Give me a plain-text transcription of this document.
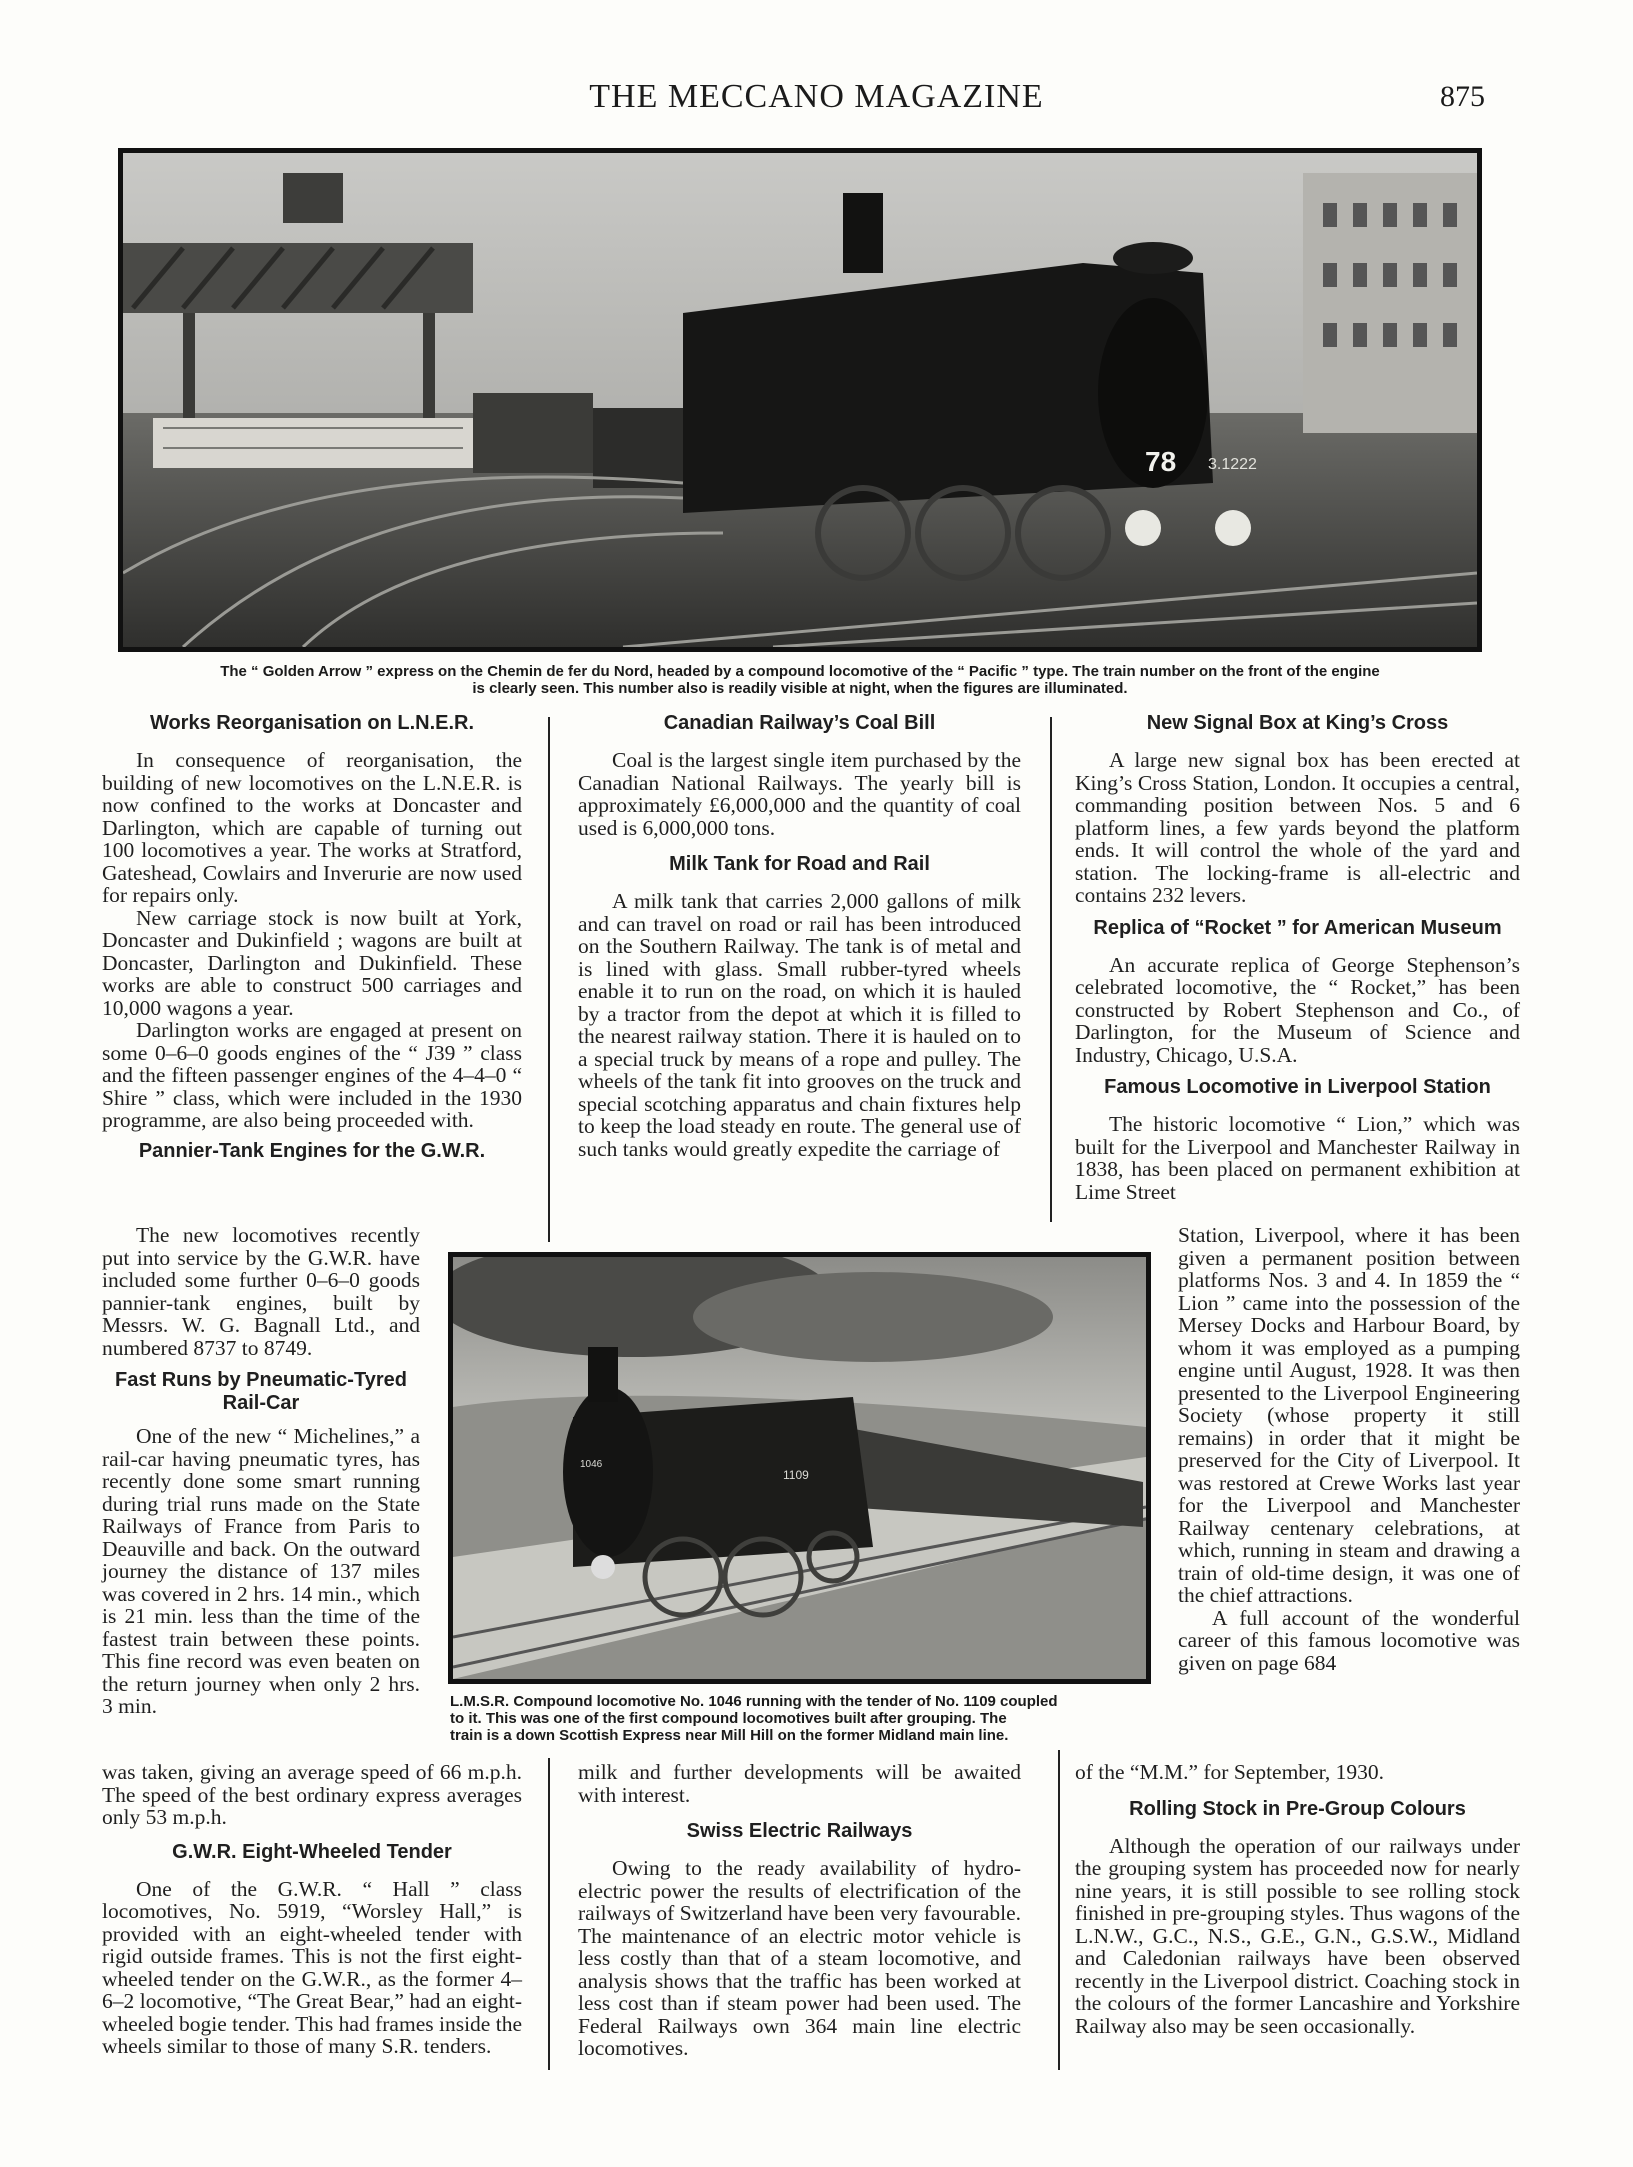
THE MECCANO MAGAZINE	875
78 3.1222
The “ Golden Arrow ” express on the Chemin de fer du Nord, headed by a compound locomotive of the “ Pacific ” type. The train number on the front of the engine
is clearly seen. This number also is readily visible at night, when the figures are illuminated.
Works Reorganisation on L.N.E.R.

In consequence of reorganisation, the building of new locomotives on the L.N.E.R. is now confined to the works at Doncaster and Darlington, which are capable of turning out 100 locomotives a year. The works at Stratford, Gateshead, Cowlairs and Inverurie are now used for repairs only.

New carriage stock is now built at York, Doncaster and Dukinfield ; wagons are built at Doncaster, Darlington and Dukinfield. These works are able to construct 500 carriages and 10,000 wagons a year.

Darlington works are engaged at present on some 0–6–0 goods engines of the “ J39 ” class and the fifteen passenger engines of the 4–4–0 “ Shire ” class, which were included in the 1930 programme, are also being proceeded with.

Pannier-Tank Engines for the G.W.R.

The new locomotives recently put into service by the G.W.R. have included some further 0–6–0 goods pannier-tank engines, built by Messrs. W. G. Bagnall Ltd., and numbered 8737 to 8749.

Fast Runs by Pneumatic-Tyred Rail-Car

One of the new “ Michelines,” a rail-car having pneumatic tyres, has recently done some smart running during trial runs made on the State Railways of France from Paris to Deauville and back. On the outward journey the distance of 137 miles was covered in 2 hrs. 14 min., which is 21 min. less than the time of the fastest train between these points. This fine record was even beaten on the return journey when only 2 hrs. 3 min.

was taken, giving an average speed of 66 m.p.h. The speed of the best ordinary express averages only 53 m.p.h.

G.W.R. Eight-Wheeled Tender

One of the G.W.R. “ Hall ” class locomotives, No. 5919, “Worsley Hall,” is provided with an eight-wheeled tender with rigid outside frames. This is not the first eight-wheeled tender on the G.W.R., as the former 4–6–2 locomotive, “The Great Bear,” had an eight-wheeled bogie tender. This had frames inside the wheels similar to those of many S.R. tenders.

Canadian Railway’s Coal Bill

Coal is the largest single item purchased by the Canadian National Railways. The yearly bill is approximately £6,000,000 and the quantity of coal used is 6,000,000 tons.

Milk Tank for Road and Rail

A milk tank that carries 2,000 gallons of milk and can travel on road or rail has been introduced on the Southern Railway. The tank is of metal and is lined with glass. Small rubber-tyred wheels enable it to run on the road, on which it is hauled by a tractor from the depot at which it is filled to the nearest railway station. There it is hauled on to a special truck by means of a rope and pulley. The wheels of the tank fit into grooves on the truck and special scotching apparatus and chain fixtures help to keep the load steady en route. The general use of such tanks would greatly expedite the carriage of

milk and further developments will be awaited with interest.

Swiss Electric Railways

Owing to the ready availability of hydro-electric power the results of electrification of the railways of Switzerland have been very favourable. The maintenance of an electric motor vehicle is less costly than that of a steam locomotive, and analysis shows that the traffic has been worked at less cost than if steam power had been used. The Federal Railways own 364 main line electric locomotives.

New Signal Box at King’s Cross

A large new signal box has been erected at King’s Cross Station, London. It occupies a central, commanding position between Nos. 5 and 6 platform lines, a few yards beyond the platform ends. It will control the whole of the yard and station. The locking-frame is all-electric and contains 232 levers.

Replica of “Rocket ” for American Museum

An accurate replica of George Stephenson’s celebrated locomotive, the “ Rocket,” has been constructed by Robert Stephenson and Co., of Darlington, for the Museum of Science and Industry, Chicago, U.S.A.

Famous Locomotive in Liverpool Station

The historic locomotive “ Lion,” which was built for the Liverpool and Manchester Railway in 1838, has been placed on permanent exhibition at Lime Street

Station, Liverpool, where it has been given a permanent position between platforms Nos. 3 and 4. In 1859 the “ Lion ” came into the possession of the Mersey Docks and Harbour Board, by whom it was employed as a pumping engine until August, 1928. It was then presented to the Liverpool Engineering Society (whose property it still remains) in order that it might be preserved for the City of Liverpool. It was restored at Crewe Works last year for the Liverpool and Manchester Railway centenary celebrations, at which, running in steam and drawing a train of old-time design, it was one of the chief attractions.

A full account of the wonderful career of this famous locomotive was given on page 684

of the “M.M.” for September, 1930.

Rolling Stock in Pre-Group Colours

Although the operation of our railways under the grouping system has proceeded now for nearly nine years, it is still possible to see rolling stock finished in pre-grouping styles. Thus wagons of the L.N.W., G.C., N.S., G.E., G.N., G.S.W., Midland and Caledonian railways have been observed recently in the Liverpool district. Coaching stock in the colours of the former Lancashire and Yorkshire Railway also may be seen occasionally.

1046
1109
L.M.S.R. Compound locomotive No. 1046 running with the tender of No. 1109 coupled
to it. This was one of the first compound locomotives built after grouping. The
train is a down Scottish Express near Mill Hill on the former Midland main line.
